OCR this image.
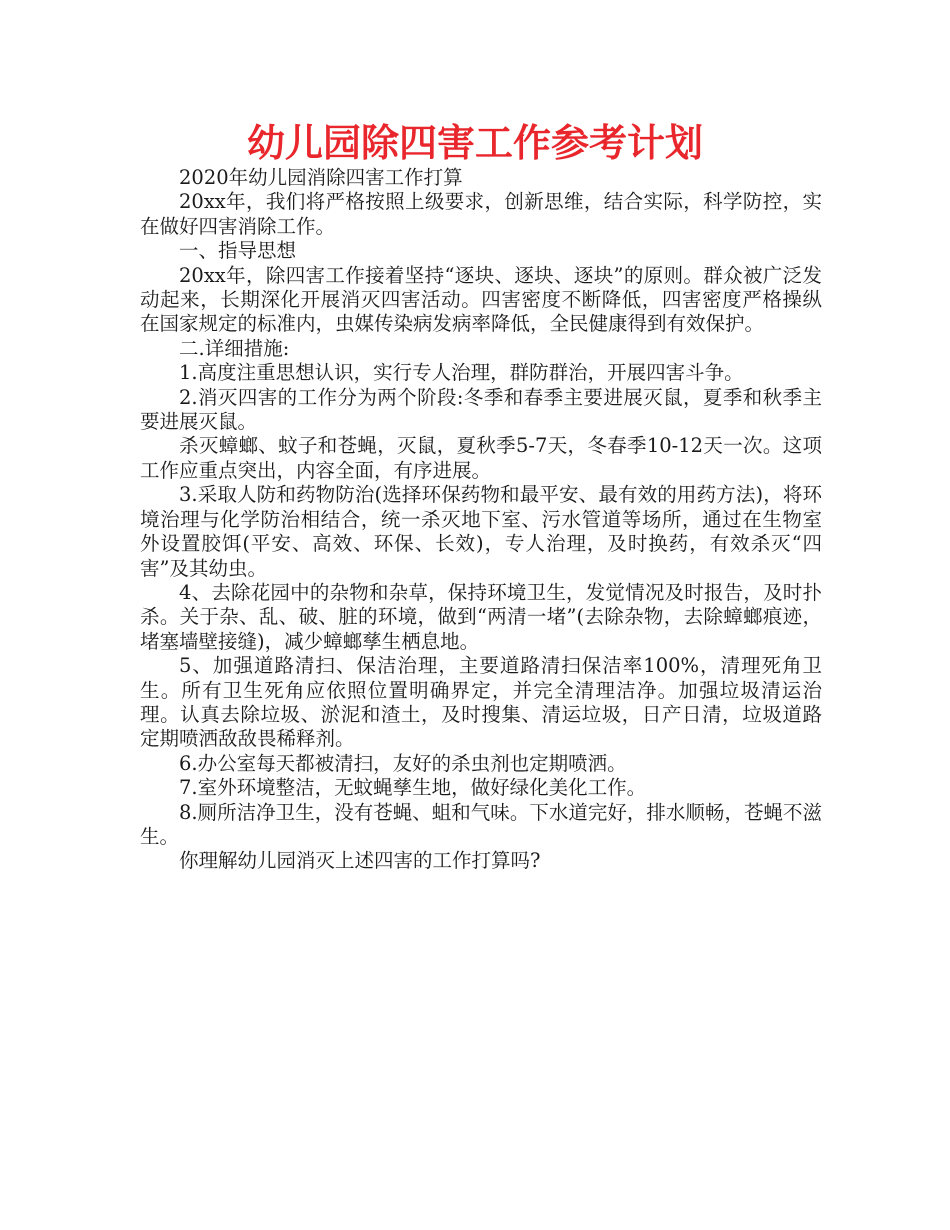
幼儿园除四害工作参考计划

2020年幼儿园消除四害工作打算

20xx年，我们将严格按照上级要求，创新思维，结合实际，科学防控，实在做好四害消除工作。

一、指导思想

20xx年，除四害工作接着坚持“逐块、逐块、逐块”的原则。群众被广泛发动起来，长期深化开展消灭四害活动。四害密度不断降低，四害密度严格操纵在国家规定的标准内，虫媒传染病发病率降低，全民健康得到有效保护。

二.详细措施:

1.高度注重思想认识，实行专人治理，群防群治，开展四害斗争。

2.消灭四害的工作分为两个阶段:冬季和春季主要进展灭鼠，夏季和秋季主要进展灭鼠。

杀灭蟑螂、蚊子和苍蝇，灭鼠，夏秋季5-7天，冬春季10-12天一次。这项工作应重点突出，内容全面，有序进展。

3.采取人防和药物防治(选择环保药物和最平安、最有效的用药方法)，将环境治理与化学防治相结合，统一杀灭地下室、污水管道等场所，通过在生物室外设置胶饵(平安、高效、环保、长效)，专人治理，及时换药，有效杀灭“四害”及其幼虫。

4、去除花园中的杂物和杂草，保持环境卫生，发觉情况及时报告，及时扑杀。关于杂、乱、破、脏的环境，做到“两清一堵”(去除杂物，去除蟑螂痕迹，堵塞墙壁接缝)，减少蟑螂孳生栖息地。

5、加强道路清扫、保洁治理，主要道路清扫保洁率100%，清理死角卫生。所有卫生死角应依照位置明确界定，并完全清理洁净。加强垃圾清运治理。认真去除垃圾、淤泥和渣土，及时搜集、清运垃圾，日产日清，垃圾道路定期喷洒敌敌畏稀释剂。

6.办公室每天都被清扫，友好的杀虫剂也定期喷洒。

7.室外环境整洁，无蚊蝇孳生地，做好绿化美化工作。

8.厕所洁净卫生，没有苍蝇、蛆和气味。下水道完好，排水顺畅，苍蝇不滋生。

你理解幼儿园消灭上述四害的工作打算吗?
